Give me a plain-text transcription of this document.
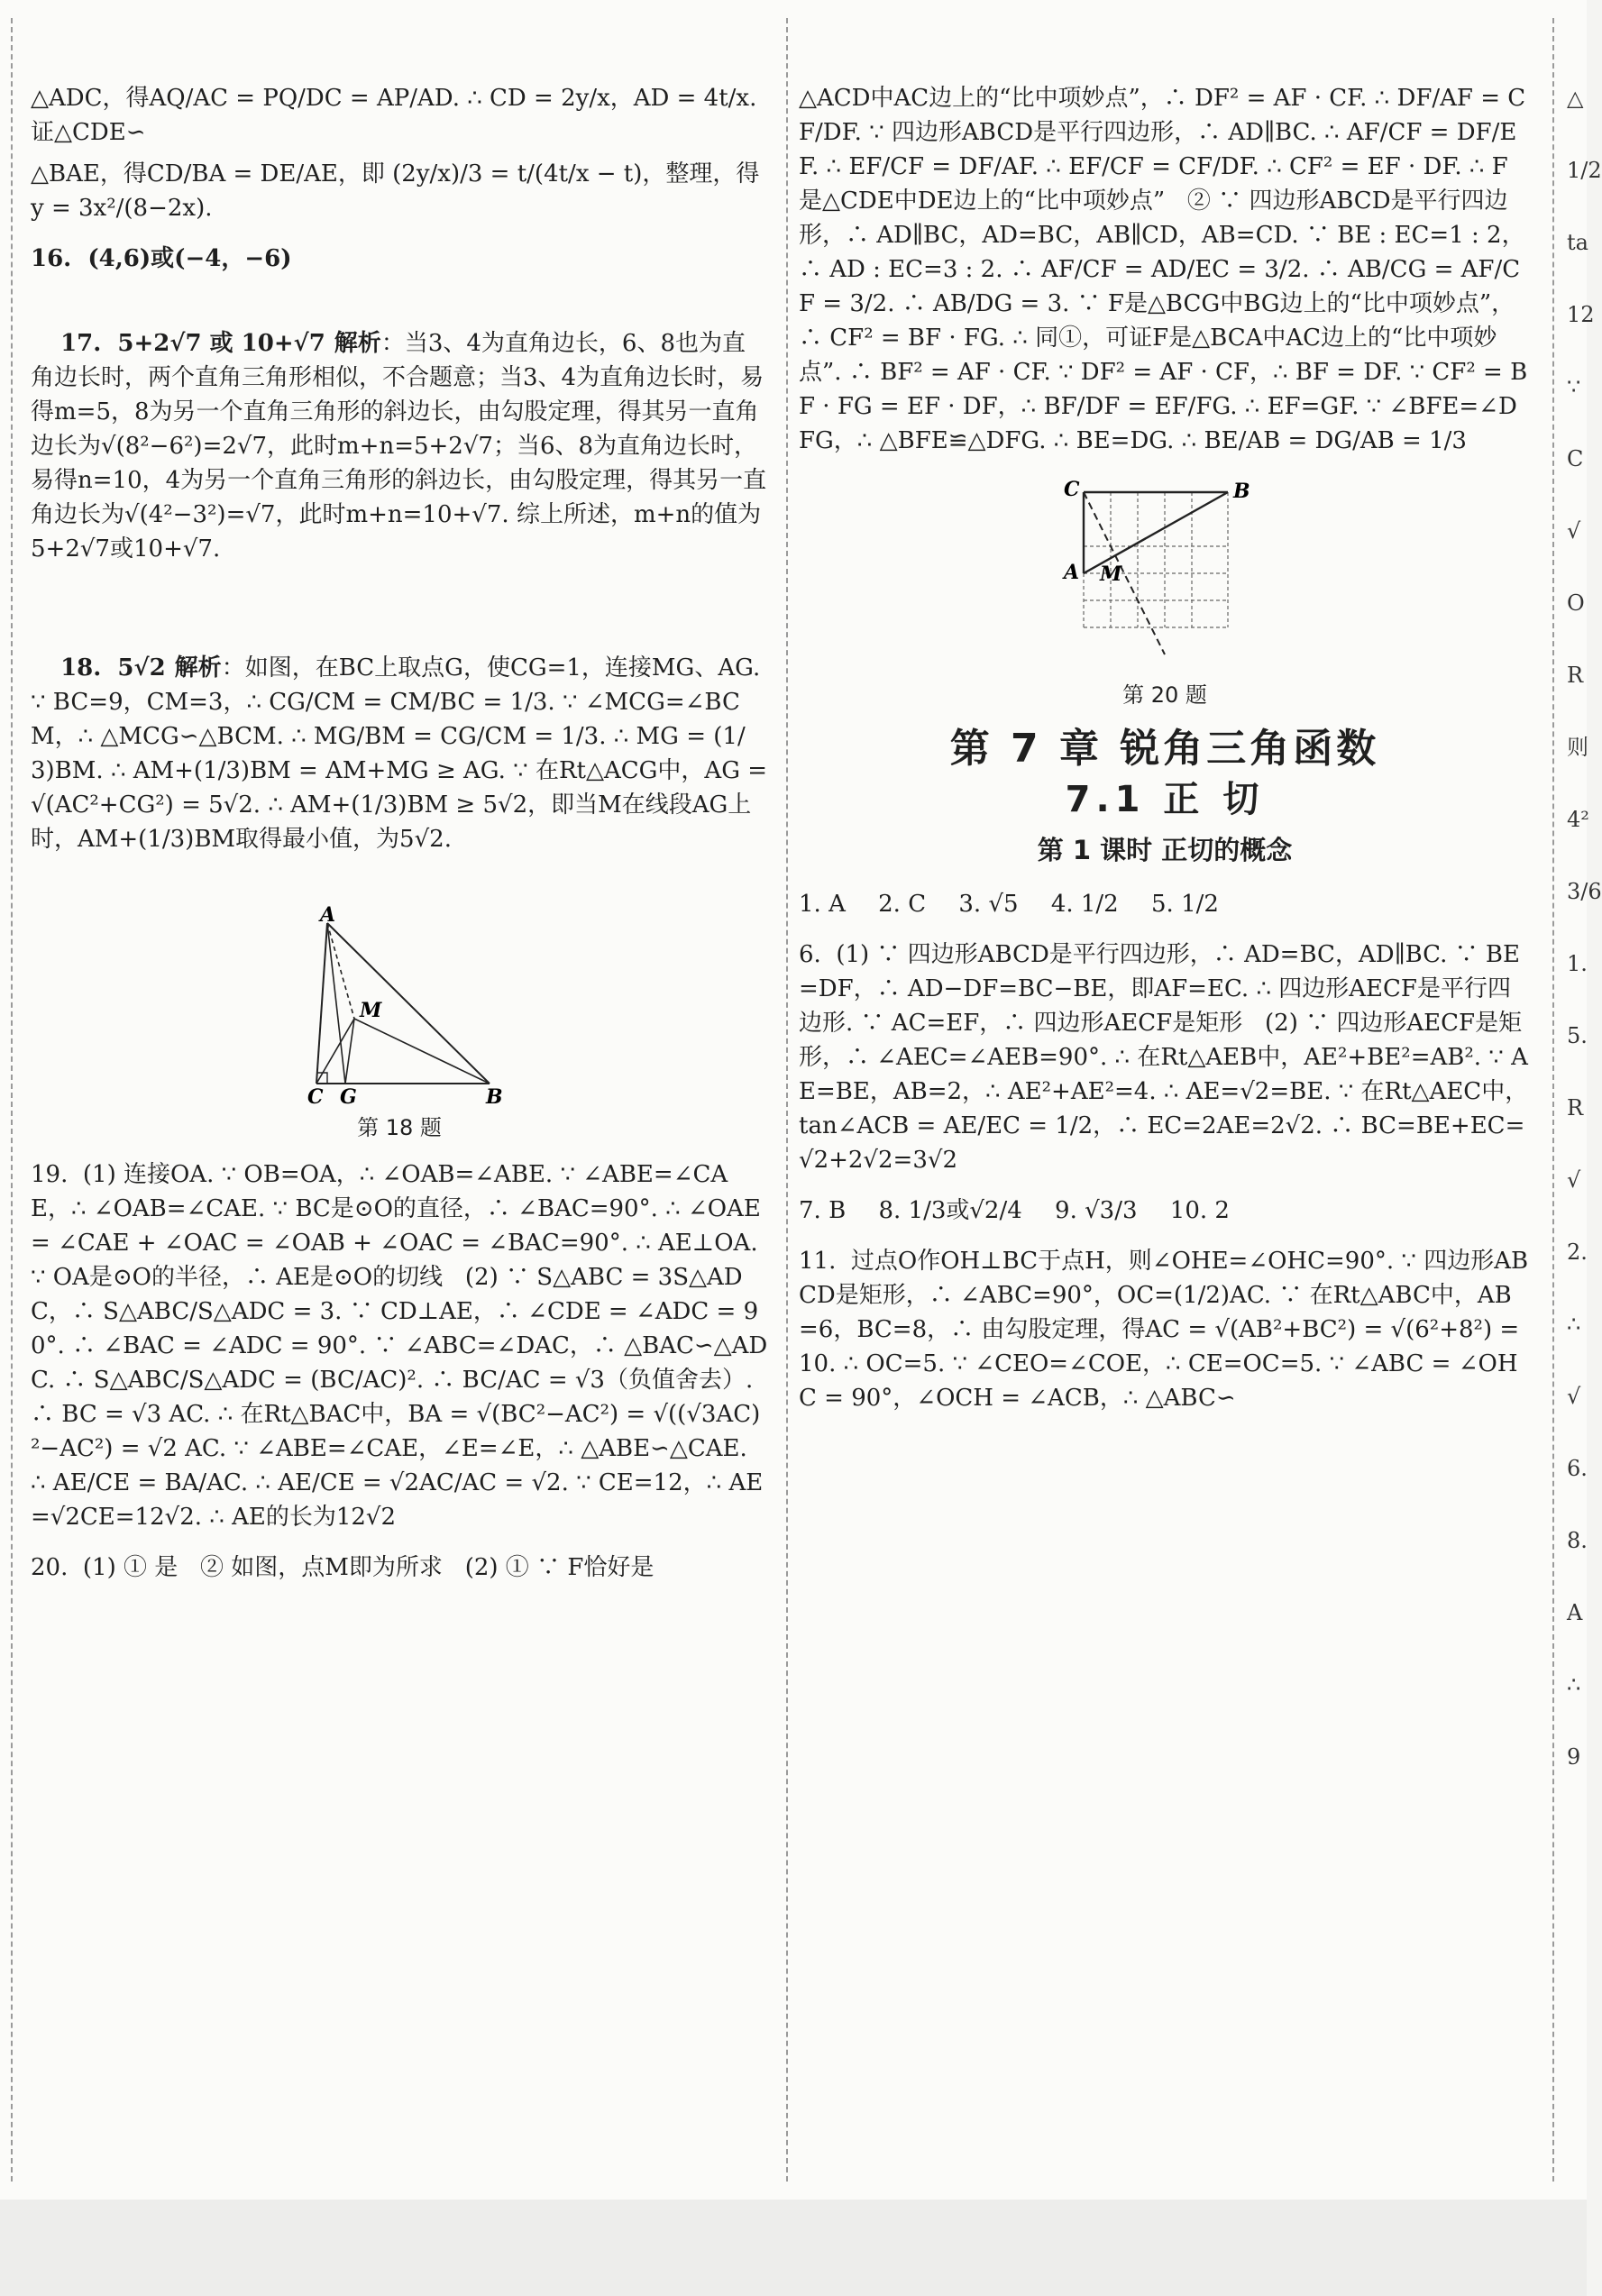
△ADC，得AQ/AC = PQ/DC = AP/AD. ∴ CD = 2y/x，AD = 4t/x. 证△CDE∽

△BAE，得CD/BA = DE/AE，即 (2y/x)/3 = t/(4t/x − t)，整理，得 y = 3x²/(8−2x).

16.  (4,6)或(−4，−6)

17.  5+2√7 或 10+√7 解析：当3、4为直角边长，6、8也为直角边长时，两个直角三角形相似，不合题意；当3、4为直角边长时，易得m=5，8为另一个直角三角形的斜边长，由勾股定理，得其另一直角边长为√(8²−6²)=2√7，此时m+n=5+2√7；当6、8为直角边长时，易得n=10，4为另一个直角三角形的斜边长，由勾股定理，得其另一直角边长为√(4²−3²)=√7，此时m+n=10+√7. 综上所述，m+n的值为5+2√7或10+√7.

18.  5√2 解析：如图，在BC上取点G，使CG=1，连接MG、AG. ∵ BC=9，CM=3，∴ CG/CM = CM/BC = 1/3. ∵ ∠MCG=∠BCM，∴ △MCG∽△BCM. ∴ MG/BM = CG/CM = 1/3. ∴ MG = (1/3)BM. ∴ AM+(1/3)BM = AM+MG ≥ AG. ∵ 在Rt△ACG中，AG = √(AC²+CG²) = 5√2. ∴ AM+(1/3)BM ≥ 5√2，即当M在线段AG上时，AM+(1/3)BM取得最小值，为5√2.

A
M
C G	B
第 18 题

19.  (1) 连接OA. ∵ OB=OA，∴ ∠OAB=∠ABE. ∵ ∠ABE=∠CAE，∴ ∠OAB=∠CAE. ∵ BC是⊙O的直径，∴ ∠BAC=90°. ∴ ∠OAE = ∠CAE + ∠OAC = ∠OAB + ∠OAC = ∠BAC=90°. ∴ AE⊥OA. ∵ OA是⊙O的半径，∴ AE是⊙O的切线   (2) ∵ S△ABC = 3S△ADC，∴ S△ABC/S△ADC = 3. ∵ CD⊥AE，∴ ∠CDE = ∠ADC = 90°. ∴ ∠BAC = ∠ADC = 90°. ∵ ∠ABC=∠DAC，∴ △BAC∽△ADC. ∴ S△ABC/S△ADC = (BC/AC)². ∴ BC/AC = √3（负值舍去）. ∴ BC = √3 AC. ∴ 在Rt△BAC中，BA = √(BC²−AC²) = √((√3AC)²−AC²) = √2 AC. ∵ ∠ABE=∠CAE，∠E=∠E，∴ △ABE∽△CAE. ∴ AE/CE = BA/AC. ∴ AE/CE = √2AC/AC = √2. ∵ CE=12，∴ AE=√2CE=12√2. ∴ AE的长为12√2

20.  (1) ① 是   ② 如图，点M即为所求   (2) ① ∵ F恰好是

△ACD中AC边上的“比中项妙点”，∴ DF² = AF · CF. ∴ DF/AF = CF/DF. ∵ 四边形ABCD是平行四边形，∴ AD∥BC. ∴ AF/CF = DF/EF. ∴ EF/CF = DF/AF. ∴ EF/CF = CF/DF. ∴ CF² = EF · DF. ∴ F是△CDE中DE边上的“比中项妙点”   ② ∵ 四边形ABCD是平行四边形，∴ AD∥BC，AD=BC，AB∥CD，AB=CD. ∵ BE : EC=1 : 2，∴ AD : EC=3 : 2. ∴ AF/CF = AD/EC = 3/2. ∴ AB/CG = AF/CF = 3/2. ∴ AB/DG = 3. ∵ F是△BCG中BG边上的“比中项妙点”，∴ CF² = BF · FG. ∴ 同①，可证F是△BCA中AC边上的“比中项妙点”. ∴ BF² = AF · CF. ∵ DF² = AF · CF，∴ BF = DF. ∵ CF² = BF · FG = EF · DF，∴ BF/DF = EF/FG. ∴ EF=GF. ∵ ∠BFE=∠DFG，∴ △BFE≌△DFG. ∴ BE=DG. ∴ BE/AB = DG/AB = 1/3

C	B
A M
第 20 题
第 7 章 锐角三角函数
7.1 正 切
第 1 课时 正切的概念
1. A 2. C 3. √5 4. 1/2 5. 1/2

6.  (1) ∵ 四边形ABCD是平行四边形，∴ AD=BC，AD∥BC. ∵ BE=DF，∴ AD−DF=BC−BE，即AF=EC. ∴ 四边形AECF是平行四边形. ∵ AC=EF，∴ 四边形AECF是矩形   (2) ∵ 四边形AECF是矩形，∴ ∠AEC=∠AEB=90°. ∴ 在Rt△AEB中，AE²+BE²=AB². ∵ AE=BE，AB=2，∴ AE²+AE²=4. ∴ AE=√2=BE. ∵ 在Rt△AEC中，tan∠ACB = AE/EC = 1/2，∴ EC=2AE=2√2. ∴ BC=BE+EC=√2+2√2=3√2

7. B 8. 1/3或√2/4 9. √3/3 10. 2

11.  过点O作OH⊥BC于点H，则∠OHE=∠OHC=90°. ∵ 四边形ABCD是矩形，∴ ∠ABC=90°，OC=(1/2)AC. ∵ 在Rt△ABC中，AB=6，BC=8，∴ 由勾股定理，得AC = √(AB²+BC²) = √(6²+8²) = 10. ∴ OC=5. ∵ ∠CEO=∠COE，∴ CE=OC=5. ∵ ∠ABC = ∠OHC = 90°，∠OCH = ∠ACB，∴ △ABC∽

△
1/2
ta
12
∵
C
√
O
R
则
4²
3/6
1.
5.
R
√
2.
∴
√
6.
8.
A
∴
9
